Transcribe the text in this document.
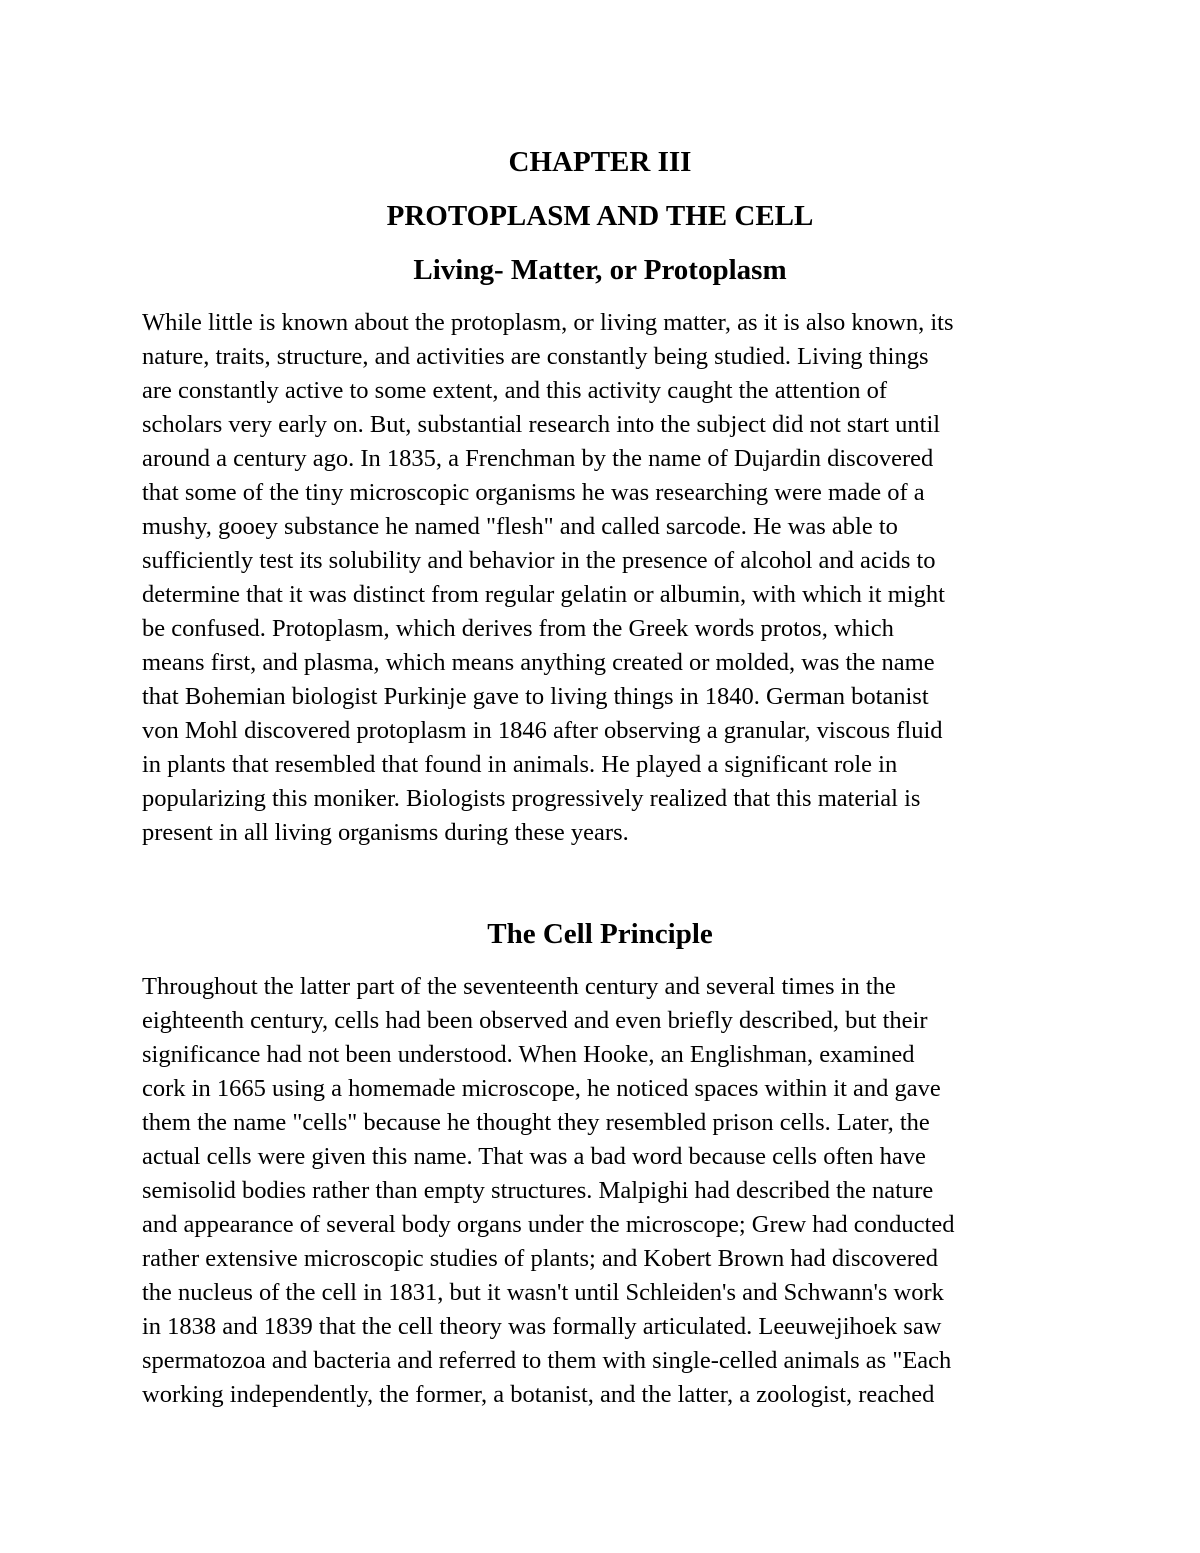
CHAPTER III
PROTOPLASM AND THE CELL
Living- Matter, or Protoplasm
While little is known about the protoplasm, or living matter, as it is also known, its
nature, traits, structure, and activities are constantly being studied. Living things
are constantly active to some extent, and this activity caught the attention of
scholars very early on. But, substantial research into the subject did not start until
around a century ago. In 1835, a Frenchman by the name of Dujardin discovered
that some of the tiny microscopic organisms he was researching were made of a
mushy, gooey substance he named "flesh" and called sarcode. He was able to
sufficiently test its solubility and behavior in the presence of alcohol and acids to
determine that it was distinct from regular gelatin or albumin, with which it might
be confused. Protoplasm, which derives from the Greek words protos, which
means first, and plasma, which means anything created or molded, was the name
that Bohemian biologist Purkinje gave to living things in 1840. German botanist
von Mohl discovered protoplasm in 1846 after observing a granular, viscous fluid
in plants that resembled that found in animals. He played a significant role in
popularizing this moniker. Biologists progressively realized that this material is
present in all living organisms during these years.
The Cell Principle
Throughout the latter part of the seventeenth century and several times in the
eighteenth century, cells had been observed and even briefly described, but their
significance had not been understood. When Hooke, an Englishman, examined
cork in 1665 using a homemade microscope, he noticed spaces within it and gave
them the name "cells" because he thought they resembled prison cells. Later, the
actual cells were given this name. That was a bad word because cells often have
semisolid bodies rather than empty structures. Malpighi had described the nature
and appearance of several body organs under the microscope; Grew had conducted
rather extensive microscopic studies of plants; and Kobert Brown had discovered
the nucleus of the cell in 1831, but it wasn't until Schleiden's and Schwann's work
in 1838 and 1839 that the cell theory was formally articulated. Leeuwejihoek saw
spermatozoa and bacteria and referred to them with single-celled animals as "Each
working independently, the former, a botanist, and the latter, a zoologist, reached
